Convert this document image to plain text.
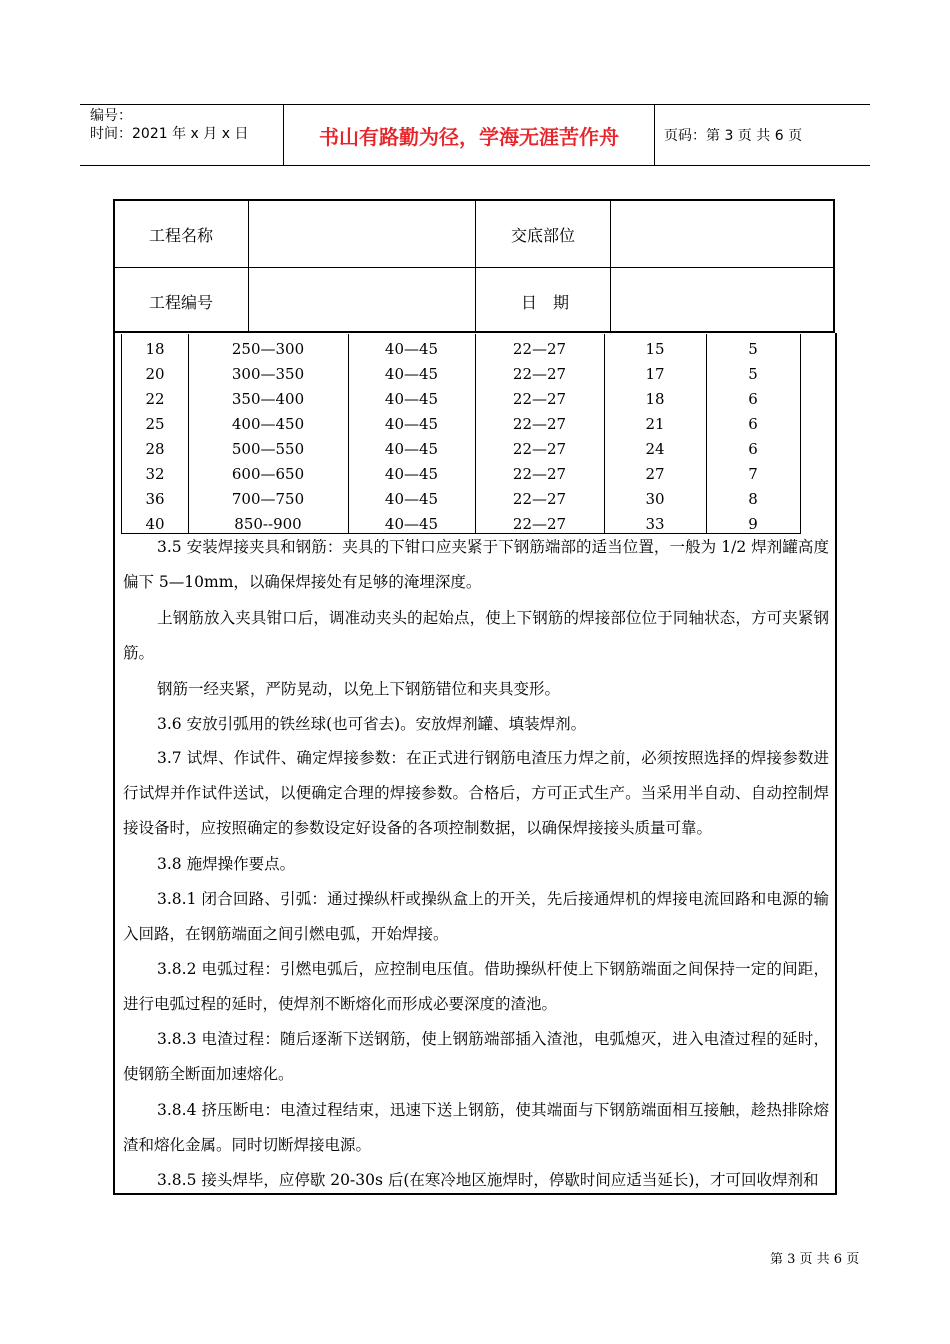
编号：
时间：2021 年 x 月 x 日	书山有路勤为径，学海无涯苦作舟	页码：第 3 页 共 6 页
工程名称	交底部位
工程编号	日　期
18	250—300	40—45	22—27	15	5
20	300—350	40—45	22—27	17	5
22	350—400	40—45	22—27	18	6
25	400—450	40—45	22—27	21	6
28	500—550	40—45	22—27	24	6
32	600—650	40—45	22—27	27	7
36	700—750	40—45	22—27	30	8
40	850--900	40—45	22—27	33	9
3.5 安装焊接夹具和钢筋：夹具的下钳口应夹紧于下钢筋端部的适当位置，一般为 1/2 焊剂罐高度偏下 5—10mm，以确保焊接处有足够的淹埋深度。
上钢筋放入夹具钳口后，调准动夹头的起始点，使上下钢筋的焊接部位位于同轴状态，方可夹紧钢筋。
钢筋一经夹紧，严防晃动，以免上下钢筋错位和夹具变形。
3.6 安放引弧用的铁丝球(也可省去)。安放焊剂罐、填装焊剂。
3.7 试焊、作试件、确定焊接参数：在正式进行钢筋电渣压力焊之前，必须按照选择的焊接参数进行试焊并作试件送试，以便确定合理的焊接参数。合格后，方可正式生产。当采用半自动、自动控制焊接设备时，应按照确定的参数设定好设备的各项控制数据，以确保焊接接头质量可靠。
3.8 施焊操作要点。
3.8.1 闭合回路、引弧：通过操纵杆或操纵盒上的开关，先后接通焊机的焊接电流回路和电源的输入回路，在钢筋端面之间引燃电弧，开始焊接。
3.8.2 电弧过程：引燃电弧后，应控制电压值。借助操纵杆使上下钢筋端面之间保持一定的间距，进行电弧过程的延时，使焊剂不断熔化而形成必要深度的渣池。
3.8.3 电渣过程：随后逐渐下送钢筋，使上钢筋端部插入渣池，电弧熄灭，进入电渣过程的延时，使钢筋全断面加速熔化。
3.8.4 挤压断电：电渣过程结束，迅速下送上钢筋，使其端面与下钢筋端面相互接触，趁热排除熔渣和熔化金属。同时切断焊接电源。
3.8.5 接头焊毕，应停歇 20-30s 后(在寒冷地区施焊时，停歇时间应适当延长)，才可回收焊剂和
第 3 页 共 6 页
